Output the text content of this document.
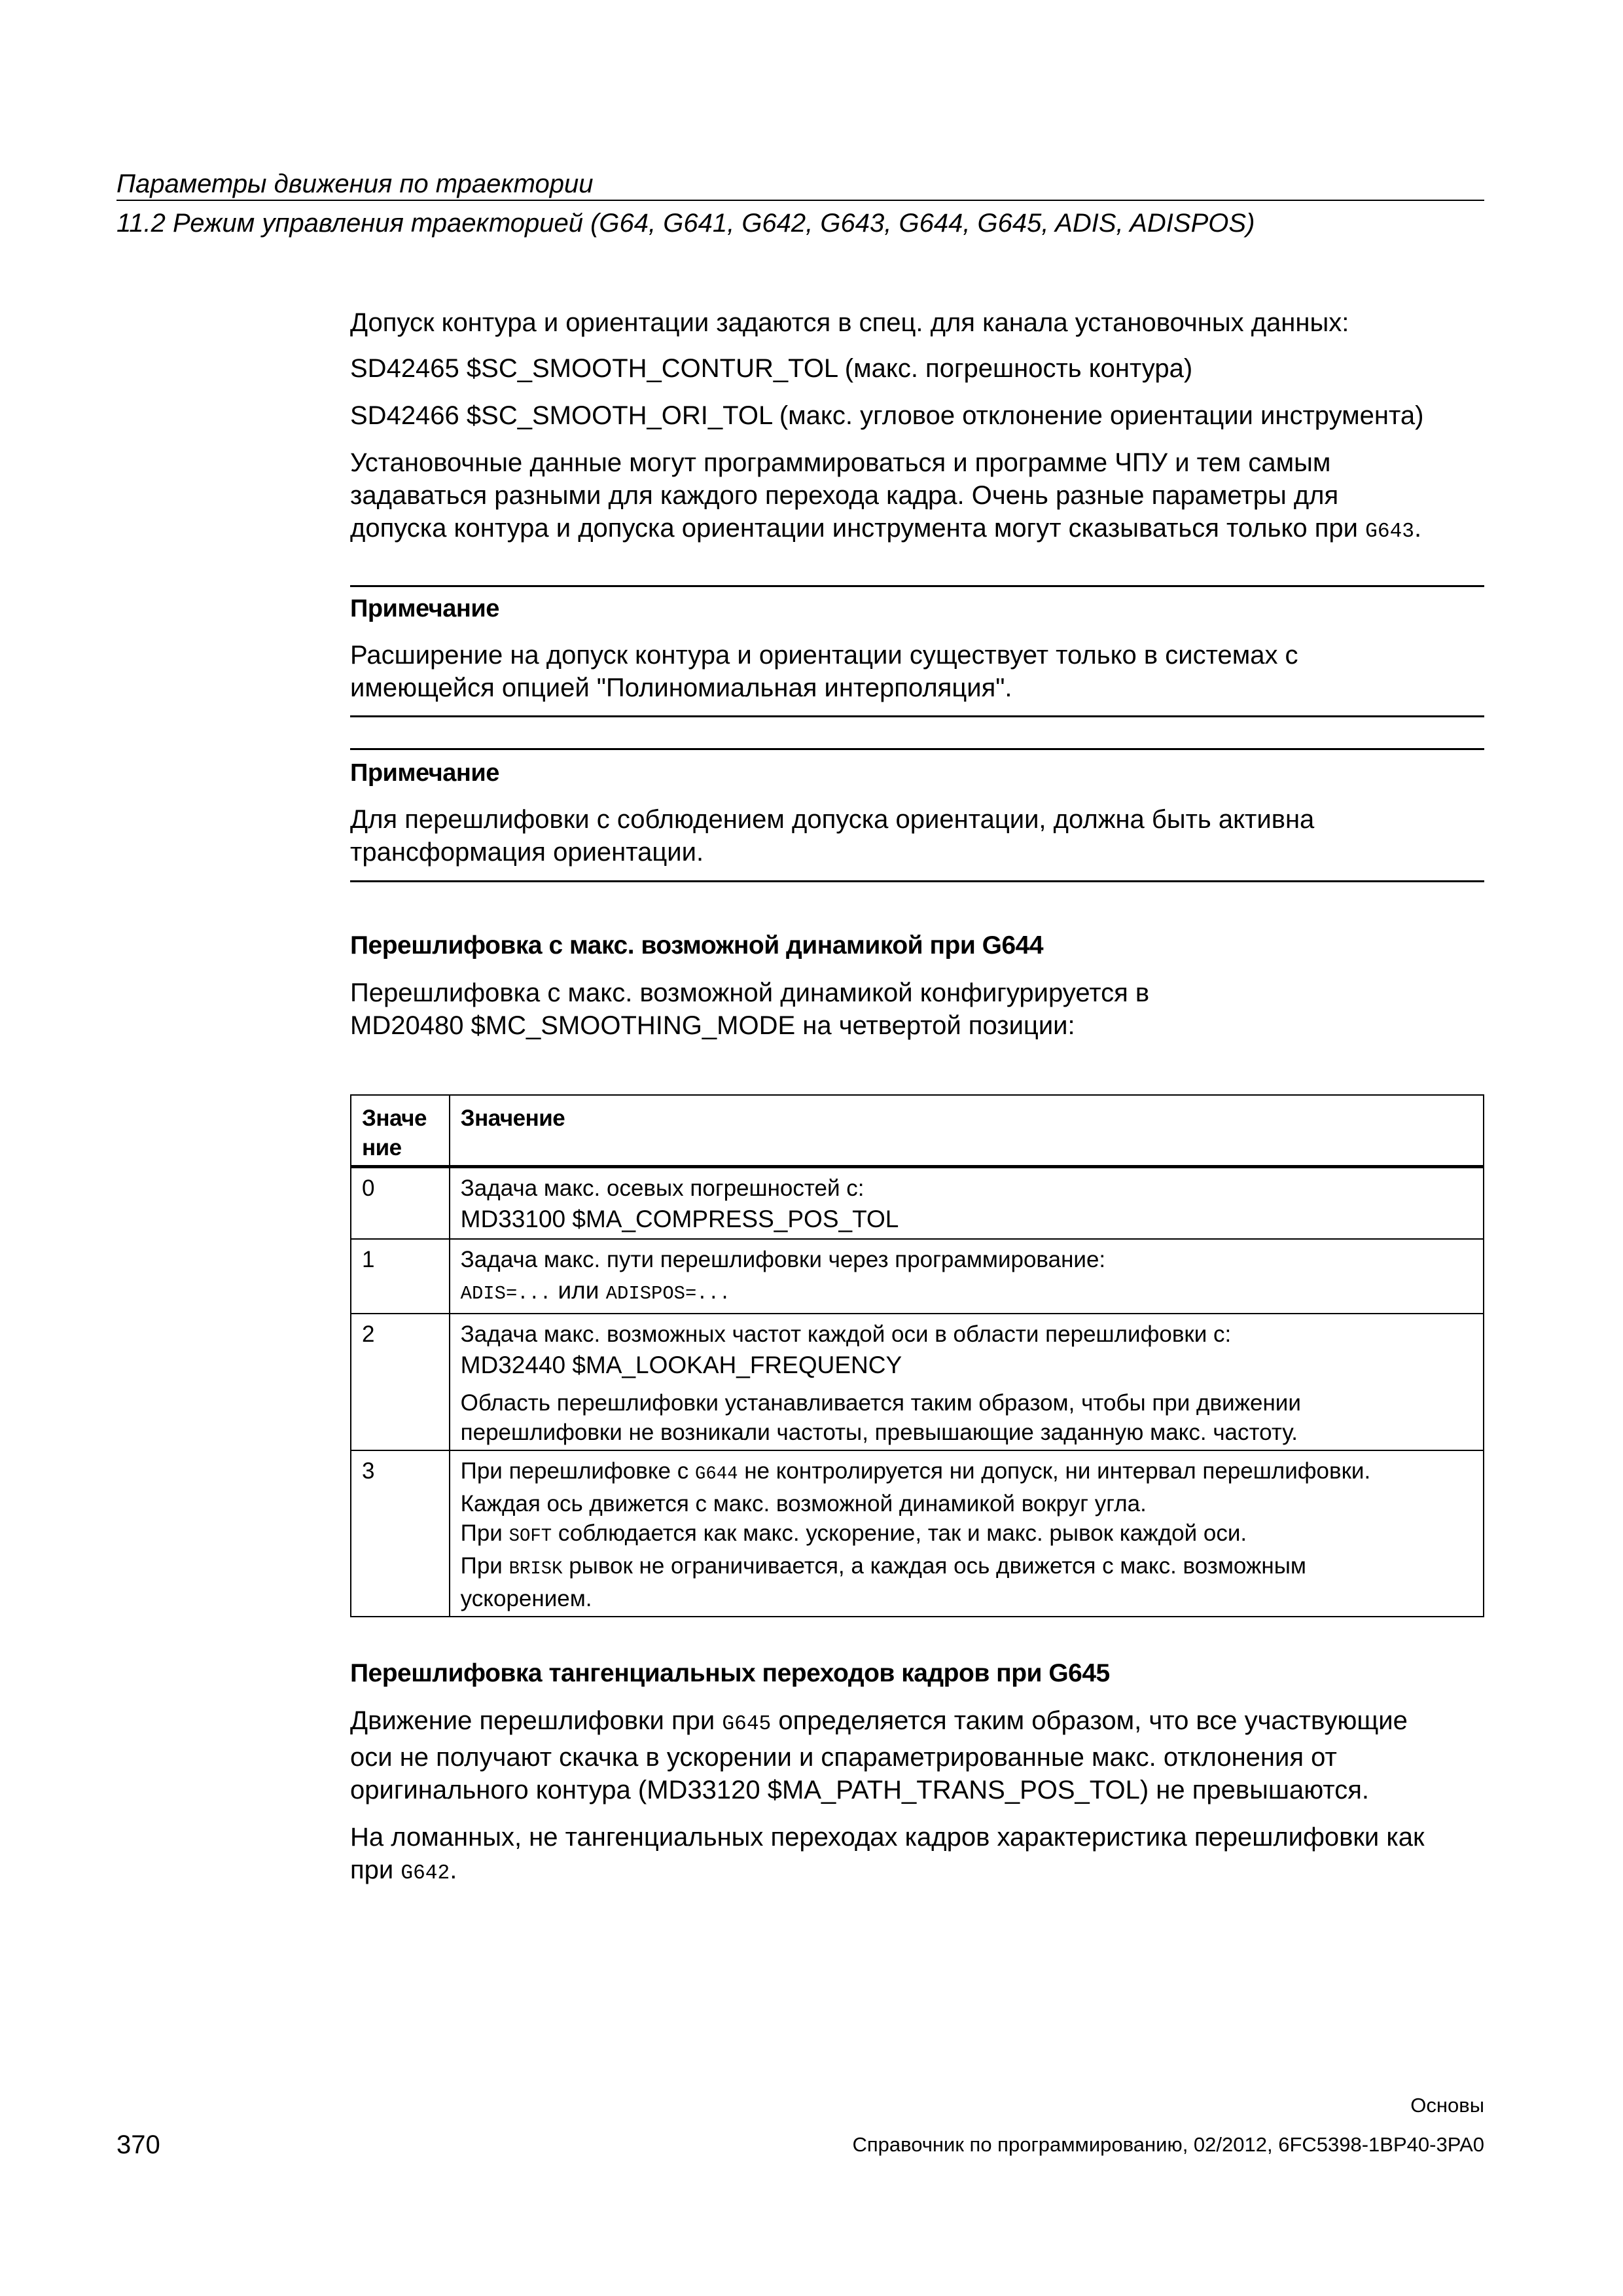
Параметры движения по траектории
11.2 Режим управления траекторией (G64, G641, G642, G643, G644, G645, ADIS, ADISPOS)

Допуск контура и ориентации задаются в спец. для канала установочных данных:

SD42465 $SC_SMOOTH_CONTUR_TOL (макс. погрешность контура)

SD42466 $SC_SMOOTH_ORI_TOL (макс. угловое отклонение ориентации инструмента)

Установочные данные могут программироваться и программе ЧПУ и тем самым
задаваться разными для каждого перехода кадра. Очень разные параметры для
допуска контура и допуска ориентации инструмента могут сказываться только при G643.

Примечание

Расширение на допуск контура и ориентации существует только в системах с
имеющейся опцией "Полиномиальная интерполяция".

Примечание

Для перешлифовки с соблюдением допуска ориентации, должна быть активна
трансформация ориентации.

Перешлифовка с макс. возможной динамикой при G644

Перешлифовка с макс. возможной динамикой конфигурируется в
MD20480 $MC_SMOOTHING_MODE на четвертой позиции:

Значе
ние	Значение
0	Задача макс. осевых погрешностей с:
MD33100 $MA_COMPRESS_POS_TOL

1	Задача макс. пути перешлифовки через программирование:
ADIS=... или ADISPOS=...

2	Задача макс. возможных частот каждой оси в области перешлифовки с:
MD32440 $MA_LOOKAH_FREQUENCY
Область перешлифовки устанавливается таким образом, чтобы при движении
перешлифовки не возникали частоты, превышающие заданную макс. частоту.

3	При перешлифовке с G644 не контролируется ни допуск, ни интервал перешлифовки.
Каждая ось движется с макс. возможной динамикой вокруг угла.
При SOFT соблюдается как макс. ускорение, так и макс. рывок каждой оси.
При BRISK рывок не ограничивается, а каждая ось движется с макс. возможным
ускорением.

Перешлифовка тангенциальных переходов кадров при G645

Движение перешлифовки при G645 определяется таким образом, что все участвующие
оси не получают скачка в ускорении и спараметрированные макс. отклонения от
оригинального контура (MD33120 $MA_PATH_TRANS_POS_TOL) не превышаются.

На ломанных, не тангенциальных переходах кадров характеристика перешлифовки как
при G642.

370
Основы
Справочник по программированию, 02/2012, 6FC5398-1BP40-3PA0
